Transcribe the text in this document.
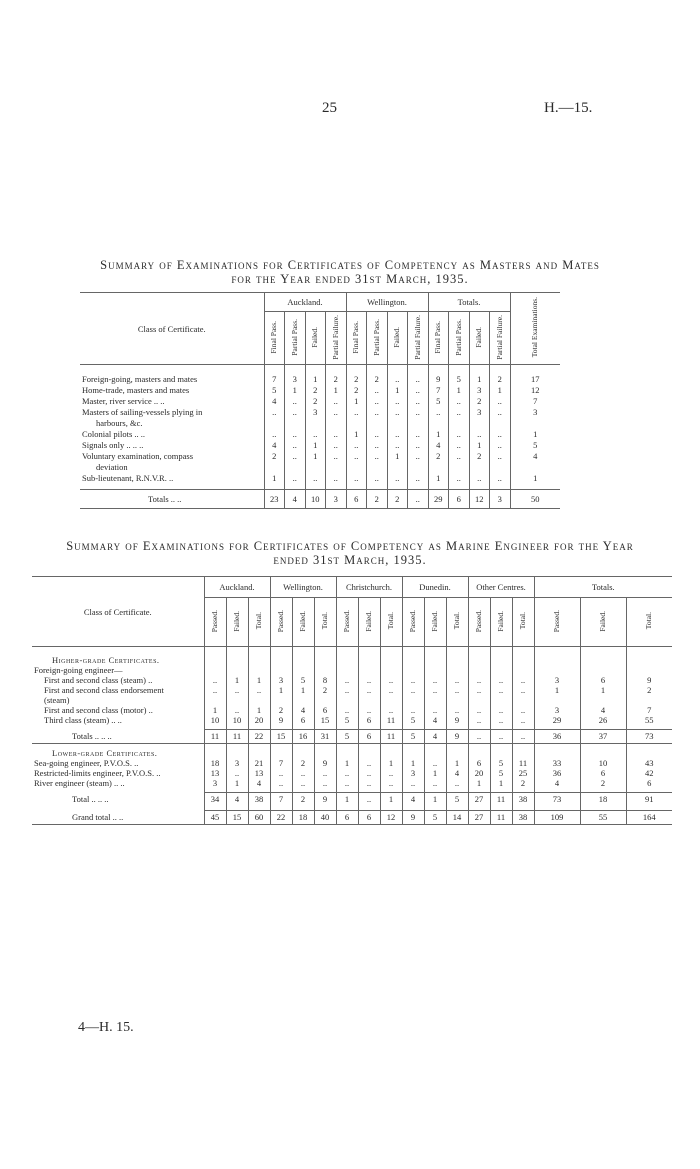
25	H.—15.
Summary of Examinations for Certificates of Competency as Masters and Mates
for the Year ended 31st March, 1935.
Class of Certificate.	Auckland.				Wellington.				Totals.				Total Examinations.
	Final Pass.	Partial Pass.	Failed.	Partial Failure.	Final Pass.	Partial Pass.	Failed.	Partial Failure.	Final Pass.	Partial Pass.	Failed.	Partial Failure.	

Foreign-going, masters and mates	7	3	1	2	2	2	..	..	9	5	1	2	17
Home-trade, masters and mates	5	1	2	1	2	..	1	..	7	1	3	1	12
Master, river service .. ..	4	..	2	..	1	..	..	..	5	..	2	..	7
Masters of sailing-vessels plying in	..	..	3	..	..	..	..	..	..	..	3	..	3
harbours, &c.													
Colonial pilots .. ..	..	..	..	..	1	..	..	..	1	..	..	..	1
Signals only .. .. ..	4	..	1	..	..	..	..	..	4	..	1	..	5
Voluntary examination, compass	2	..	1	..	..	..	1	..	2	..	2	..	4
deviation													
Sub-lieutenant, R.N.V.R. ..	1	..	..	..	..	..	..	..	1	..	..	..	1

Totals .. ..	23	4	10	3	6	2	2	..	29	6	12	3	50
Summary of Examinations for Certificates of Competency as Marine Engineer for the Year
ended 31st March, 1935.
Class of Certificate.	Auckland.			Wellington.			Christchurch.			Dunedin.			Other Centres.			Totals.		
	Passed.	Failed.	Total.	Passed.	Failed.	Total.	Passed.	Failed.	Total.	Passed.	Failed.	Total.	Passed.	Failed.	Total.	Passed.	Failed.	Total.

Higher-grade Certificates.																		
Foreign-going engineer—																		
First and second class (steam) ..	..	1	1	3	5	8	..	..	..	..	..	..	..	..	..	3	6	9
First and second class endorsement	..	..	..	1	1	2	..	..	..	..	..	..	..	..	..	1	1	2
(steam)																		
First and second class (motor) ..	1	..	1	2	4	6	..	..	..	..	..	..	..	..	..	3	4	7
Third class (steam) .. ..	10	10	20	9	6	15	5	6	11	5	4	9	..	..	..	29	26	55

Totals .. .. ..	11	11	22	15	16	31	5	6	11	5	4	9	..	..	..	36	37	73

Lower-grade Certificates.																		
Sea-going engineer, P.V.O.S. ..	18	3	21	7	2	9	1	..	1	1	..	1	6	5	11	33	10	43
Restricted-limits engineer, P.V.O.S. ..	13	..	13	..	..	..	..	..	..	3	1	4	20	5	25	36	6	42
River engineer (steam) .. ..	3	1	4	..	..	..	..	..	..	..	..	..	1	1	2	4	2	6

Total .. .. ..	34	4	38	7	2	9	1	..	1	4	1	5	27	11	38	73	18	91

Grand total .. ..	45	15	60	22	18	40	6	6	12	9	5	14	27	11	38	109	55	164
4—H. 15.
